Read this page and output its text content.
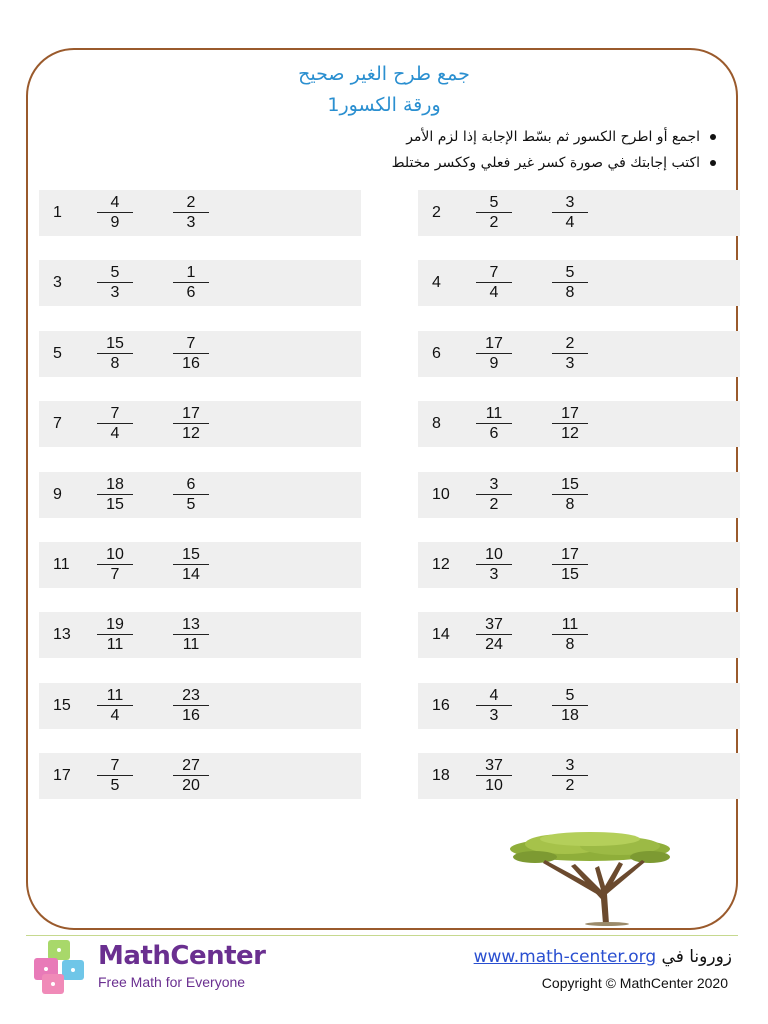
جمع طرح الغير صحيح
ورقة الكسور1
اجمع أو اطرح الكسور ثم بسّط الإجابة إذا لزم الأمر
اكتب إجابتك في صورة كسر غير فعلي وككسر مختلط
$1 \frac{4}{9}$	$\frac{2}{3}$	$2 \frac{5}{2}$	$\frac{3}{4}$
$3 \frac{5}{3}$	$\frac{1}{6}$	$4 \frac{7}{4}$	$\frac{5}{8}$
$5 \frac{15}{8}$	$\frac{7}{16}$	$6 \frac{17}{9}$	$\frac{2}{3}$
$7 \frac{7}{4}$	$\frac{17}{12}$	$8 \frac{11}{6}$	$\frac{17}{12}$
$9 \frac{18}{15}$	$\frac{6}{5}$	$10 \frac{3}{2}$	$\frac{15}{8}$
$11 \frac{10}{7}$	$\frac{15}{14}$	$12 \frac{10}{3}$	$\frac{17}{15}$
$13 \frac{19}{11}$	$\frac{13}{11}$	$14 \frac{37}{24}$	$\frac{11}{8}$
$15 \frac{11}{4}$	$\frac{23}{16}$	$16 \frac{4}{3}$	$\frac{5}{18}$
$17 \frac{7}{5}$	$\frac{27}{20}$	$18 \frac{37}{10}$	$\frac{3}{2}$
MathCenter
Free Math for Everyone
www.math-center.org زورونا في
Copyright © MathCenter 2020
